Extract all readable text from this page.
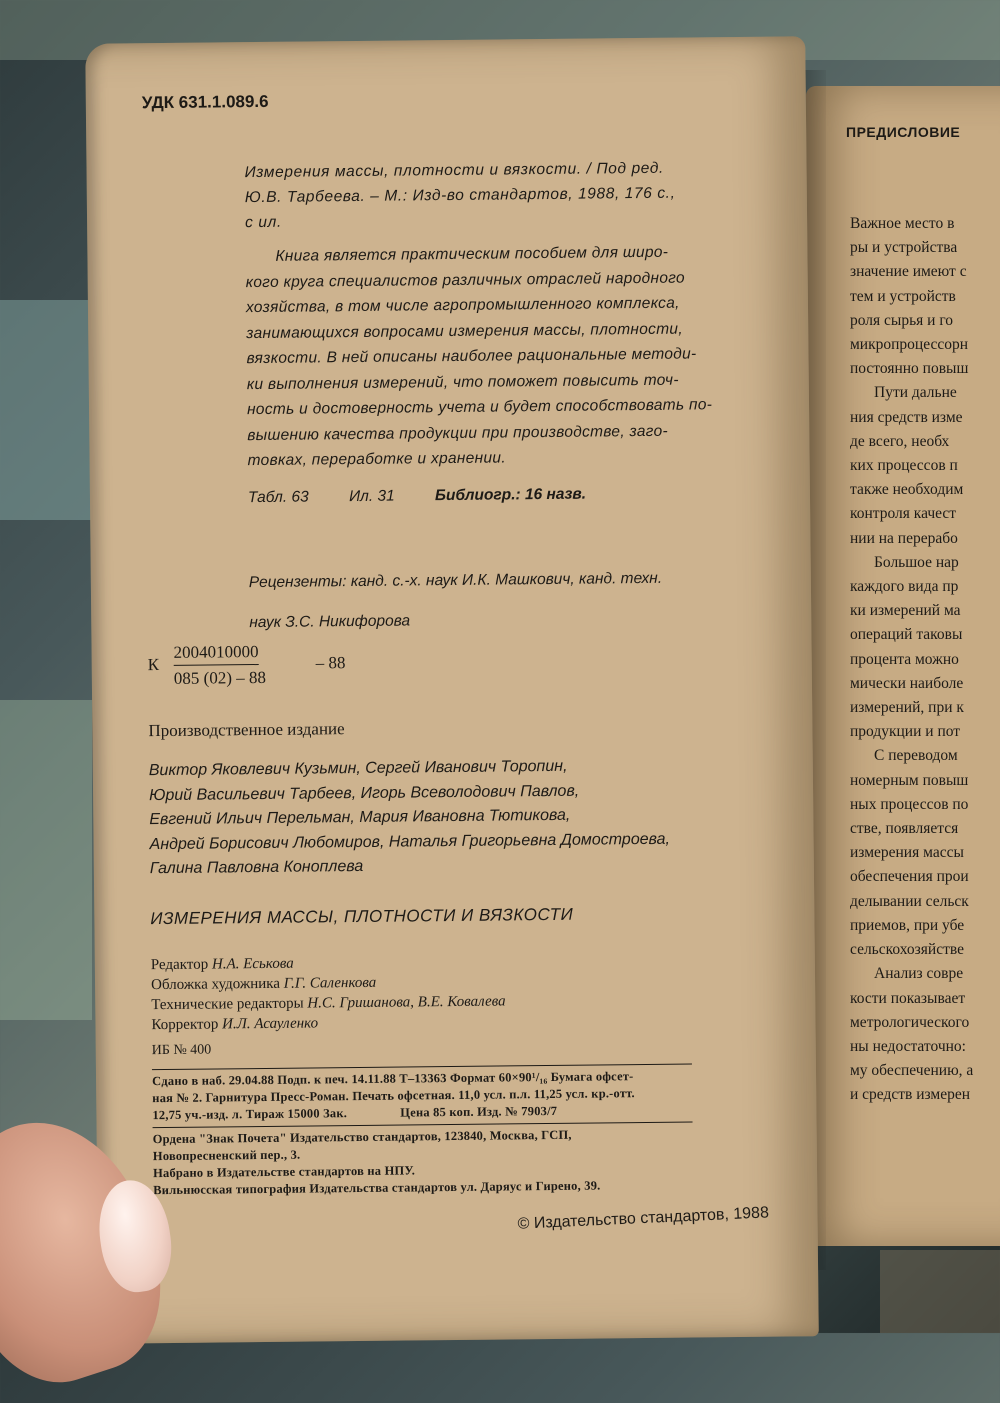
ПРЕДИСЛОВИЕ

Важное место в

ры и устройства

значение имеют с

тем и устройств

роля сырья и го

микропроцессорн

постоянно повыш

Пути дальне

ния средств изме

де всего, необх

ких процессов п

также необходим

контроля качест

нии на перерабо

Большое нар

каждого вида пр

ки измерений ма

операций таковы

процента можно

мически наиболе

измерений, при к

продукции и пот

С переводом

номерным повыш

ных процессов по

стве, появляется

измерения массы

обеспечения прои

делывании сельск

приемов, при убе

сельскохозяйстве

Анализ совре

кости показывает

метрологического

ны недостаточно:

му обеспечению, а

и средств измерен

УДК 631.1.089.6

Измерения массы, плотности и вязкости. / Под ред.

Ю.В. Тарбеева. – М.: Изд-во стандартов, 1988, 176 с.,

с ил.

Книга является практическим пособием для широ-

кого круга специалистов различных отраслей народного

хозяйства, в том числе агропромышленного комплекса,

занимающихся вопросами измерения массы, плотности,

вязкости. В ней описаны наиболее рациональные методи-

ки выполнения измерений, что поможет повысить точ-

ность и достоверность учета и будет способствовать по-

вышению качества продукции при производстве, заго-

товках, переработке и хранении.

Табл. 63	Ил. 31	Библиогр.: 16 назв.

Рецензенты: канд. с.-х. наук И.К. Машкович, канд. техн.

наук З.С. Никифорова

К
2004010000
085 (02) – 88
– 88
Производственное издание

Виктор Яковлевич Кузьмин, Сергей Иванович Торопин,

Юрий Васильевич Тарбеев, Игорь Всеволодович Павлов,

Евгений Ильич Перельман, Мария Ивановна Тютикова,

Андрей Борисович Любомиров, Наталья Григорьевна Домостроева,

Галина Павловна Коноплева

ИЗМЕРЕНИЯ МАССЫ, ПЛОТНОСТИ И ВЯЗКОСТИ

Редактор Н.А. Еськова

Обложка художника Г.Г. Саленкова

Технические редакторы Н.С. Гришанова, В.Е. Ковалева

Корректор И.Л. Асауленко

ИБ № 400

Сдано в наб. 29.04.88 Подп. к печ. 14.11.88 Т–13363 Формат 60×90¹/₁₆ Бумага офсет-

ная № 2. Гарнитура Пресс-Роман. Печать офсетная. 11,0 усл. п.л. 11,25 усл. кр.-отт.

12,75 уч.-изд. л. Тираж 15000 Зак.                Цена 85 коп. Изд. № 7903/7

Ордена "Знак Почета" Издательство стандартов, 123840, Москва, ГСП,

Новопресненский пер., 3.

Набрано в Издательстве стандартов на НПУ.

Вильнюсская типография Издательства стандартов ул. Даряус и Гирено, 39.

© Издательство стандартов, 1988
